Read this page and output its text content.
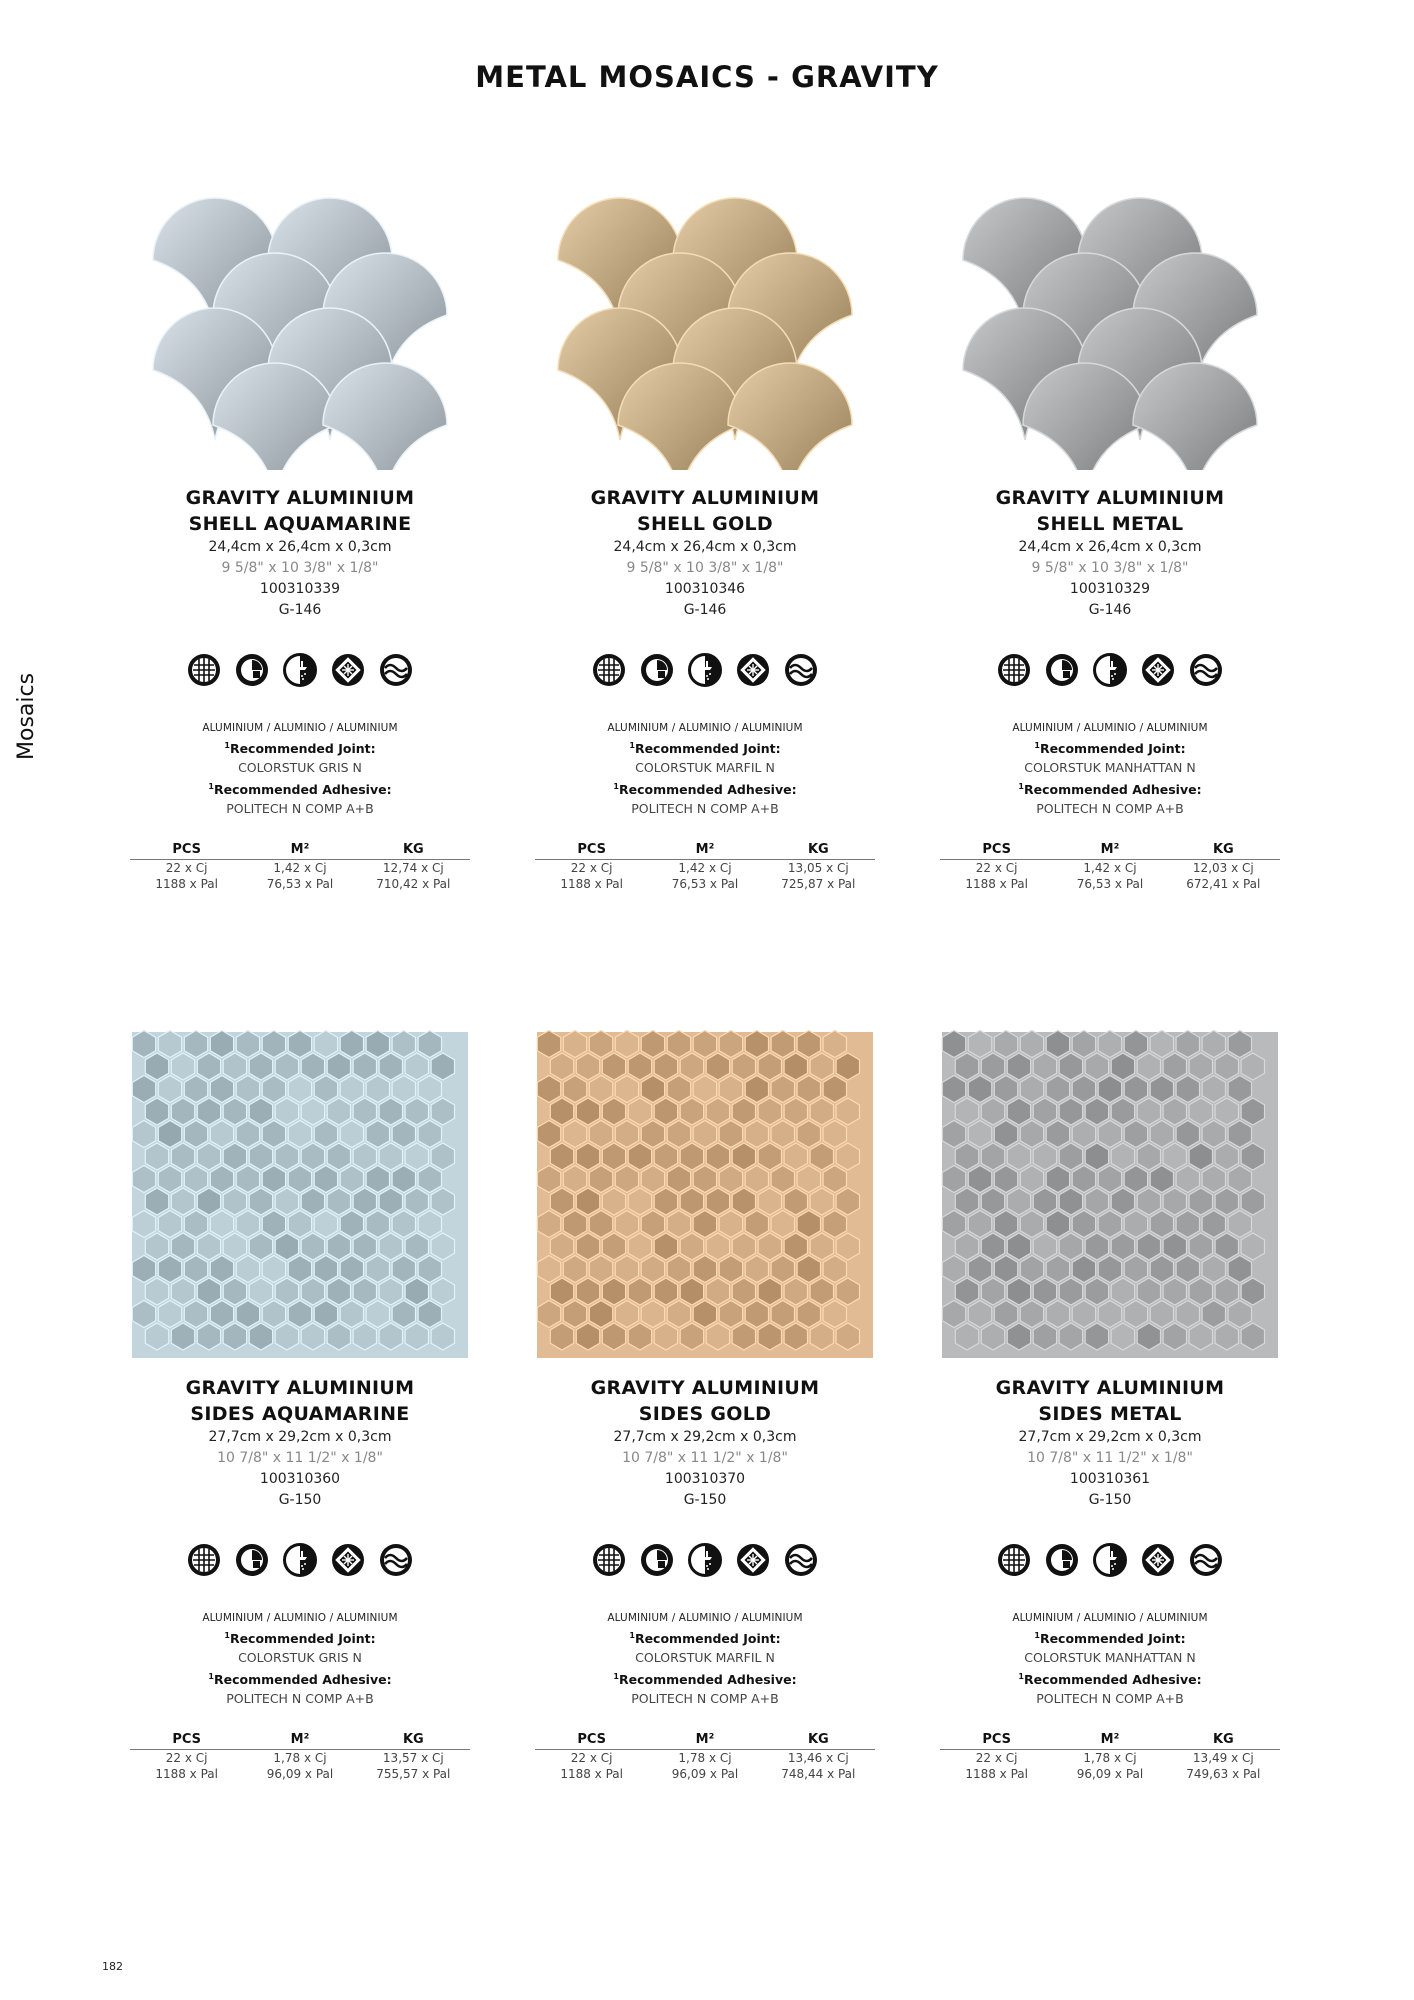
METAL MOSAICS - GRAVITY
Mosaics
182
GRAVITY ALUMINIUM
SHELL AQUAMARINE
24,4cm x 26,4cm x 0,3cm
9 5/8" x 10 3/8" x 1/8"
100310339
G-146
ALUMINIUM / ALUMINIO / ALUMINIUM
$^1$Recommended Joint:
COLORSTUK GRIS N
$^1$Recommended Adhesive:
POLITECH N COMP A+B
PCS	M²	KG
22 x Cj	1,42 x Cj	12,74 x Cj
1188 x Pal	76,53 x Pal	710,42 x Pal
GRAVITY ALUMINIUM
SHELL GOLD
24,4cm x 26,4cm x 0,3cm
9 5/8" x 10 3/8" x 1/8"
100310346
G-146
ALUMINIUM / ALUMINIO / ALUMINIUM
$^1$Recommended Joint:
COLORSTUK MARFIL N
$^1$Recommended Adhesive:
POLITECH N COMP A+B
PCS	M²	KG
22 x Cj	1,42 x Cj	13,05 x Cj
1188 x Pal	76,53 x Pal	725,87 x Pal
GRAVITY ALUMINIUM
SHELL METAL
24,4cm x 26,4cm x 0,3cm
9 5/8" x 10 3/8" x 1/8"
100310329
G-146
ALUMINIUM / ALUMINIO / ALUMINIUM
$^1$Recommended Joint:
COLORSTUK MANHATTAN N
$^1$Recommended Adhesive:
POLITECH N COMP A+B
PCS	M²	KG
22 x Cj	1,42 x Cj	12,03 x Cj
1188 x Pal	76,53 x Pal	672,41 x Pal
GRAVITY ALUMINIUM
SIDES AQUAMARINE
27,7cm x 29,2cm x 0,3cm
10 7/8" x 11 1/2" x 1/8"
100310360
G-150
ALUMINIUM / ALUMINIO / ALUMINIUM
$^1$Recommended Joint:
COLORSTUK GRIS N
$^1$Recommended Adhesive:
POLITECH N COMP A+B
PCS	M²	KG
22 x Cj	1,78 x Cj	13,57 x Cj
1188 x Pal	96,09 x Pal	755,57 x Pal
GRAVITY ALUMINIUM
SIDES GOLD
27,7cm x 29,2cm x 0,3cm
10 7/8" x 11 1/2" x 1/8"
100310370
G-150
ALUMINIUM / ALUMINIO / ALUMINIUM
$^1$Recommended Joint:
COLORSTUK MARFIL N
$^1$Recommended Adhesive:
POLITECH N COMP A+B
PCS	M²	KG
22 x Cj	1,78 x Cj	13,46 x Cj
1188 x Pal	96,09 x Pal	748,44 x Pal
GRAVITY ALUMINIUM
SIDES METAL
27,7cm x 29,2cm x 0,3cm
10 7/8" x 11 1/2" x 1/8"
100310361
G-150
ALUMINIUM / ALUMINIO / ALUMINIUM
$^1$Recommended Joint:
COLORSTUK MANHATTAN N
$^1$Recommended Adhesive:
POLITECH N COMP A+B
PCS	M²	KG
22 x Cj	1,78 x Cj	13,49 x Cj
1188 x Pal	96,09 x Pal	749,63 x Pal
